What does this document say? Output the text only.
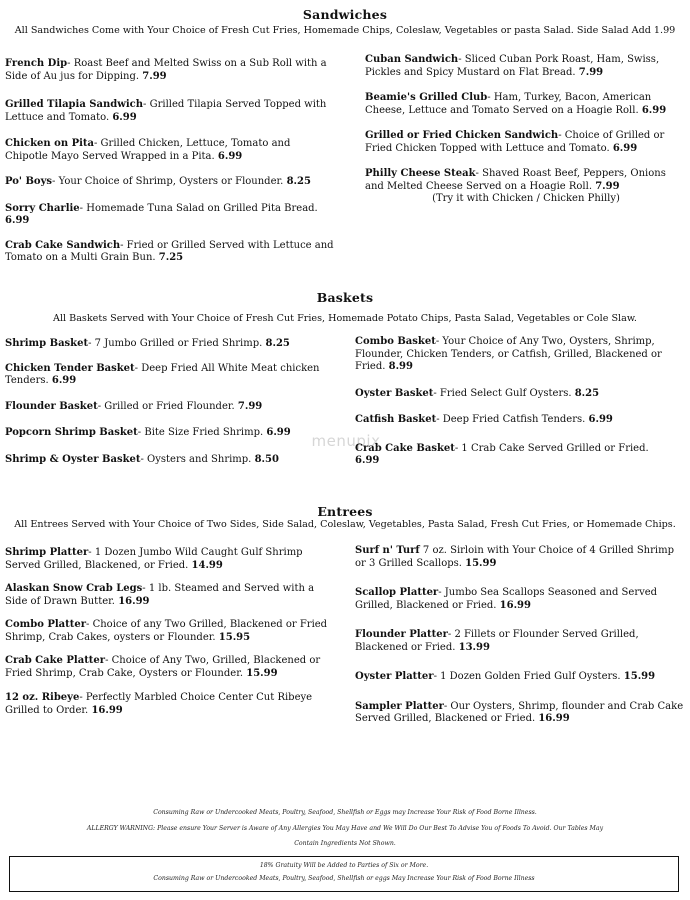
menupix
Sandwiches
All Sandwiches Come with Your Choice of Fresh Cut Fries, Homemade Chips, Coleslaw, Vegetables or pasta Salad. Side Salad Add 1.99

French Dip- Roast Beef and Melted Swiss on a Sub Roll with a Side of Au jus for Dipping. 7.99

Grilled Tilapia Sandwich- Grilled Tilapia Served Topped with Lettuce and Tomato. 6.99

Chicken on Pita- Grilled Chicken, Lettuce, Tomato and Chipotle Mayo Served Wrapped in a Pita. 6.99

Po' Boys- Your Choice of Shrimp, Oysters or Flounder. 8.25

Sorry Charlie- Homemade Tuna Salad on Grilled Pita Bread. 6.99

Crab Cake Sandwich- Fried or Grilled Served with Lettuce and Tomato on a Multi Grain Bun. 7.25

Cuban Sandwich- Sliced Cuban Pork Roast, Ham, Swiss, Pickles and Spicy Mustard on Flat Bread. 7.99

Beamie's Grilled Club- Ham, Turkey, Bacon, American Cheese, Lettuce and Tomato Served on a Hoagie Roll. 6.99

Grilled or Fried Chicken Sandwich- Choice of Grilled or Fried Chicken Topped with Lettuce and Tomato. 6.99

Philly Cheese Steak- Shaved Roast Beef, Peppers, Onions and Melted Cheese Served on a Hoagie Roll. 7.99
(Try it with Chicken / Chicken Philly)

Baskets
All Baskets Served with Your Choice of Fresh Cut Fries, Homemade Potato Chips, Pasta Salad, Vegetables or Cole Slaw.

Shrimp Basket- 7 Jumbo Grilled or Fried Shrimp. 8.25

Chicken Tender Basket- Deep Fried All White Meat chicken Tenders. 6.99

Flounder Basket- Grilled or Fried Flounder. 7.99

Popcorn Shrimp Basket- Bite Size Fried Shrimp. 6.99

Shrimp & Oyster Basket- Oysters and Shrimp. 8.50

Combo Basket- Your Choice of Any Two, Oysters, Shrimp, Flounder, Chicken Tenders, or Catfish, Grilled, Blackened or Fried. 8.99

Oyster Basket- Fried Select Gulf Oysters. 8.25

Catfish Basket- Deep Fried Catfish Tenders. 6.99

Crab Cake Basket- 1 Crab Cake Served Grilled or Fried. 6.99

Entrees
All Entrees Served with Your Choice of Two Sides, Side Salad, Coleslaw, Vegetables, Pasta Salad, Fresh Cut Fries, or Homemade Chips.

Shrimp Platter- 1 Dozen Jumbo Wild Caught Gulf Shrimp Served Grilled, Blackened, or Fried. 14.99

Alaskan Snow Crab Legs- 1 lb. Steamed and Served with a Side of Drawn Butter. 16.99

Combo Platter- Choice of any Two Grilled, Blackened or Fried Shrimp, Crab Cakes, oysters or Flounder. 15.95

Crab Cake Platter- Choice of Any Two, Grilled, Blackened or Fried Shrimp, Crab Cake, Oysters or Flounder. 15.99

12 oz. Ribeye- Perfectly Marbled Choice Center Cut Ribeye Grilled to Order. 16.99

Surf n' Turf 7 oz. Sirloin with Your Choice of 4 Grilled Shrimp or 3 Grilled Scallops. 15.99

Scallop Platter- Jumbo Sea Scallops Seasoned and Served Grilled, Blackened or Fried. 16.99

Flounder Platter- 2 Fillets or Flounder Served Grilled, Blackened or Fried. 13.99

Oyster Platter- 1 Dozen Golden Fried Gulf Oysters. 15.99

Sampler Platter- Our Oysters, Shrimp, flounder and Crab Cake Served Grilled, Blackened or Fried. 16.99

Consuming Raw or Undercooked Meats, Poultry, Seafood, Shellfish or Eggs may Increase Your Risk of Food Borne Illness.
ALLERGY WARNING: Please ensure Your Server is Aware of Any Allergies You May Have and We Will Do Our Best To Advise You of Foods To Avoid. Our Tables May
Contain Ingredients Not Shown.
18% Gratuity Will be Added to Parties of Six or More.
Consuming Raw or Undercooked Meats, Poultry, Seafood, Shellfish or eggs May Increase Your Risk of Food Borne Illness
